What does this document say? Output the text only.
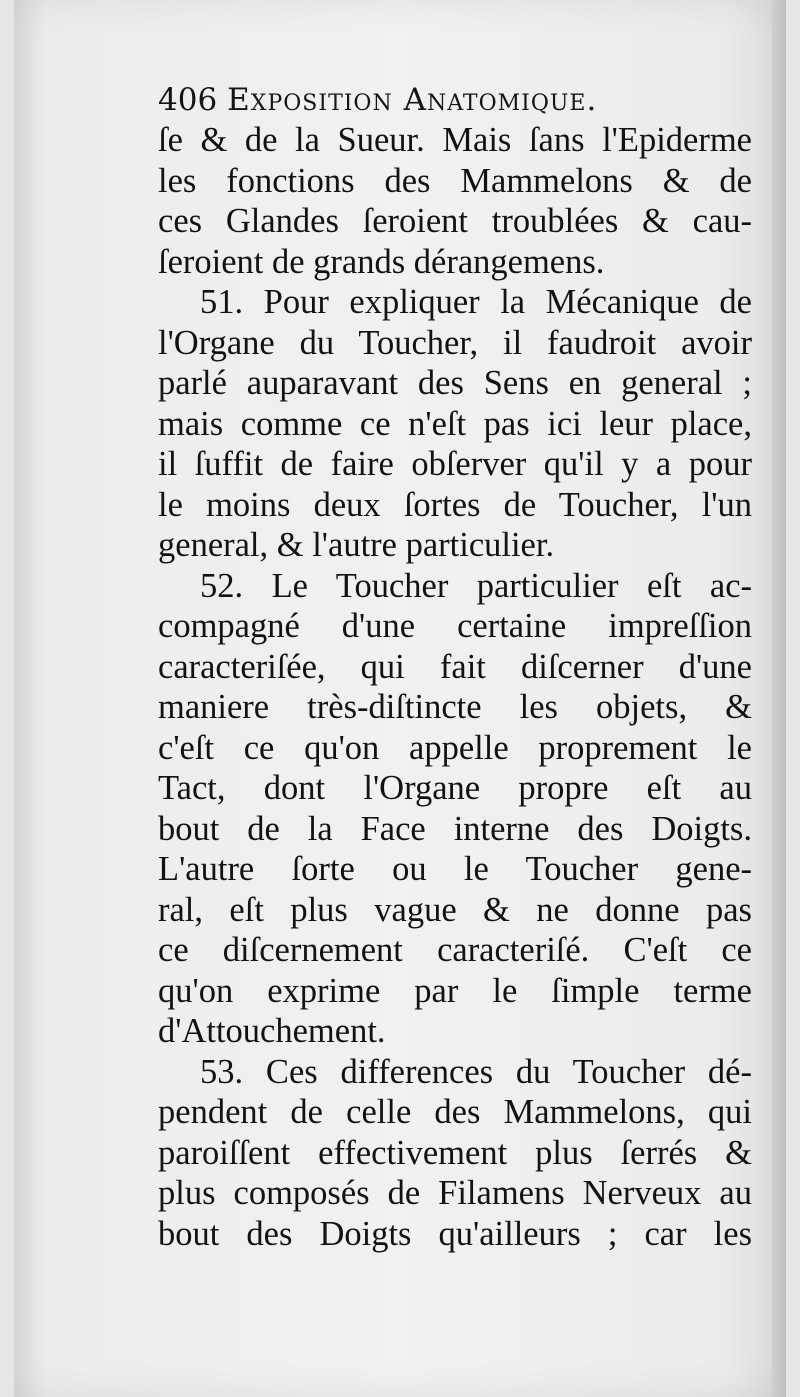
406 Exposition Anatomique.
ſe & de la Sueur. Mais ſans l'Epiderme
les fonctions des Mammelons & de
ces Glandes ſeroient troublées & cau-
ſeroient de grands dérangemens.
51. Pour expliquer la Mécanique de
l'Organe du Toucher, il faudroit avoir
parlé auparavant des Sens en general ;
mais comme ce n'eſt pas ici leur place,
il ſuffit de faire obſerver qu'il y a pour
le moins deux ſortes de Toucher, l'un
general, & l'autre particulier.
52. Le Toucher particulier eſt ac-
compagné d'une certaine impreſſion
caracteriſée, qui fait diſcerner d'une
maniere très-diſtincte les objets, &
c'eſt ce qu'on appelle proprement le
Tact, dont l'Organe propre eſt au
bout de la Face interne des Doigts.
L'autre ſorte ou le Toucher gene-
ral, eſt plus vague & ne donne pas
ce diſcernement caracteriſé. C'eſt ce
qu'on exprime par le ſimple terme
d'Attouchement.
53. Ces differences du Toucher dé-
pendent de celle des Mammelons, qui
paroiſſent effectivement plus ſerrés &
plus composés de Filamens Nerveux au
bout des Doigts qu'ailleurs ; car les
